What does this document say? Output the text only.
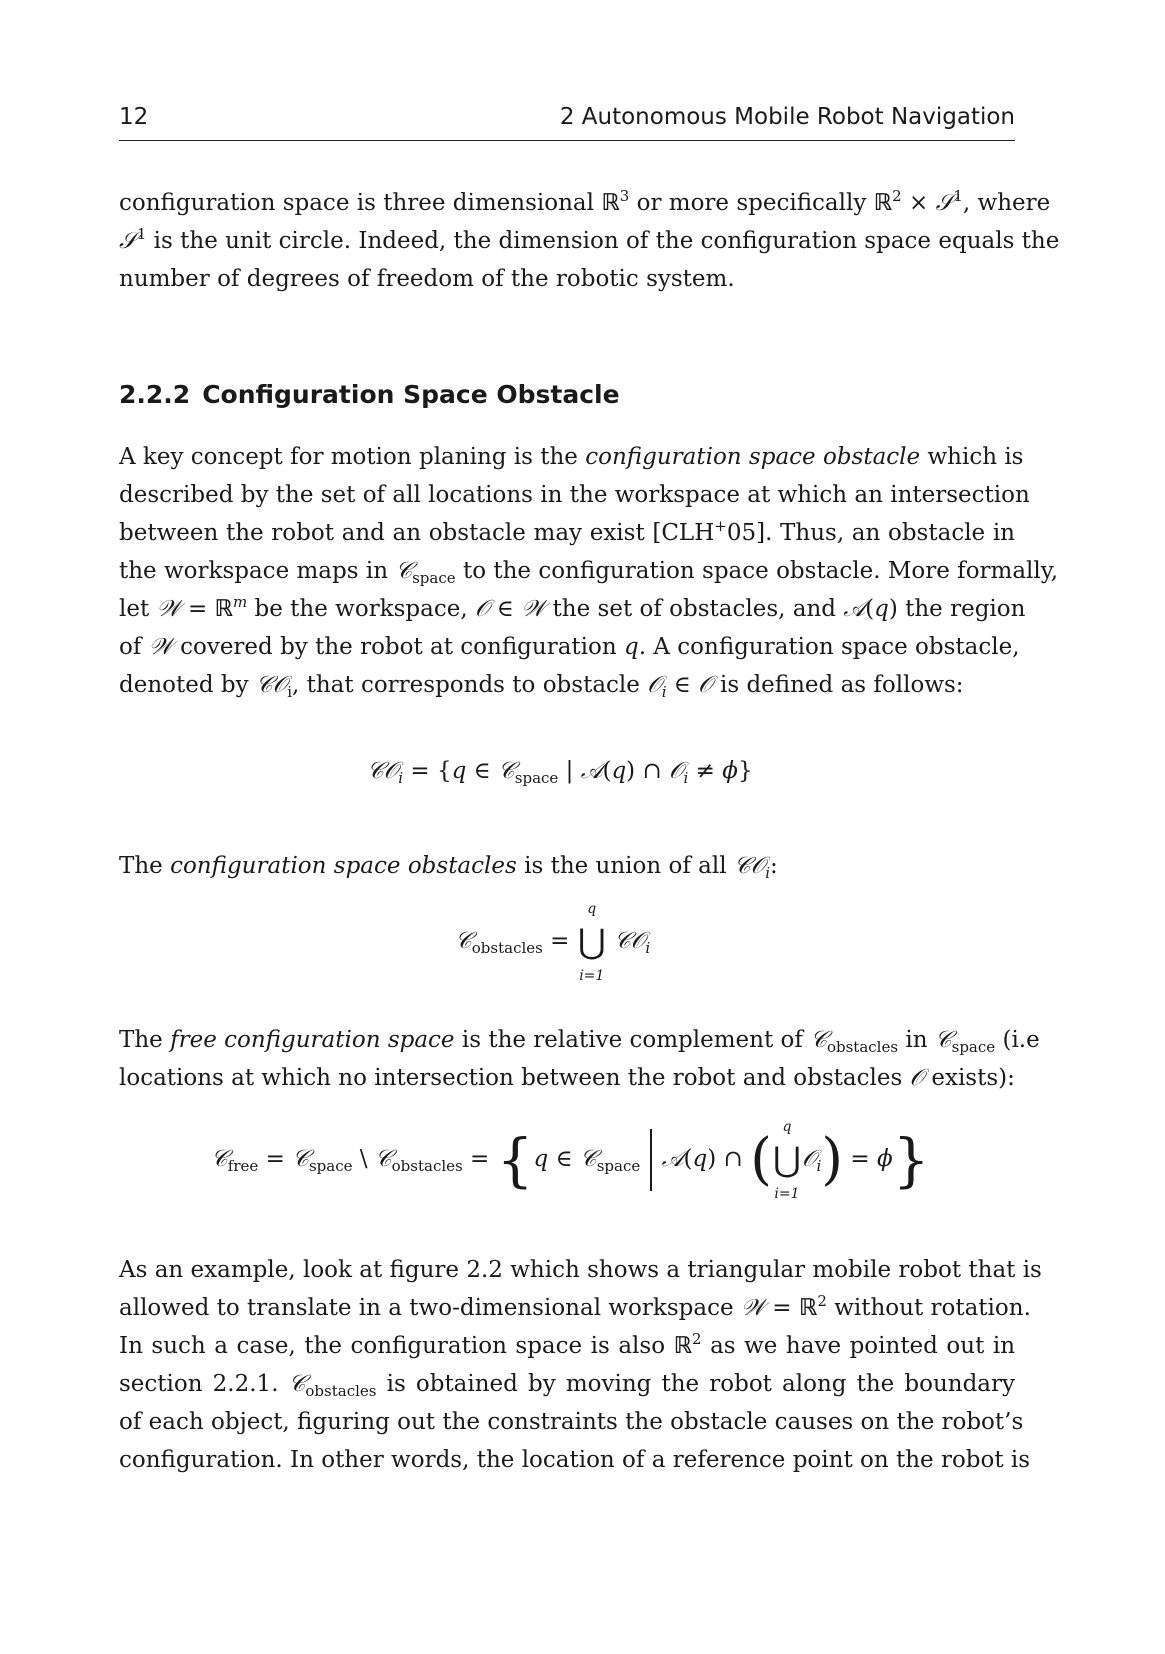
12	2 Autonomous Mobile Robot Navigation
configuration space is three dimensional ℝ$^3$ or more specifically ℝ$^2$ × 𝒮$^1$, where
𝒮$^1$ is the unit circle. Indeed, the dimension of the configuration space equals the
number of degrees of freedom of the robotic system.
2.2.2 Configuration Space Obstacle
A key concept for motion planing is the configuration space obstacle which is
described by the set of all locations in the workspace at which an intersection
between the robot and an obstacle may exist [CLH+05]. Thus, an obstacle in
the workspace maps in 𝒞$_{space}$ to the configuration space obstacle. More formally,
let 𝒲 = ℝ$^m$ be the workspace, 𝒪 ∈ 𝒲 the set of obstacles, and 𝒜(q) the region
of 𝒲 covered by the robot at configuration q. A configuration space obstacle,
denoted by 𝒞𝒪$_i$, that corresponds to obstacle 𝒪$_i$ ∈ 𝒪 is defined as follows:
𝒞𝒪$_i$ = {q ∈ 𝒞$_{space}$ | 𝒜(q) ∩ 𝒪$_i$ ≠ ϕ}
The configuration space obstacles is the union of all 𝒞𝒪$_i$:
𝒞$_{obstacles}$ =
q
⋃
i=1
𝒞𝒪$_i$
The free configuration space is the relative complement of 𝒞$_{obstacles}$ in 𝒞$_{space}$ (i.e
locations at which no intersection between the robot and obstacles 𝒪 exists):
𝒞$_{free}$ = 𝒞$_{space}$ \ 𝒞$_{obstacles}$ = {q ∈ 𝒞$_{space}$ 𝒜(q) ∩ ( q
⋃
i=1
𝒪$_i$) = ϕ}
As an example, look at figure 2.2 which shows a triangular mobile robot that is
allowed to translate in a two-dimensional workspace 𝒲 = ℝ$^2$ without rotation.
In such a case, the configuration space is also ℝ$^2$ as we have pointed out in
section 2.2.1. 𝒞$_{obstacles}$ is obtained by moving the robot along the boundary
of each object, figuring out the constraints the obstacle causes on the robot’s
configuration. In other words, the location of a reference point on the robot is
